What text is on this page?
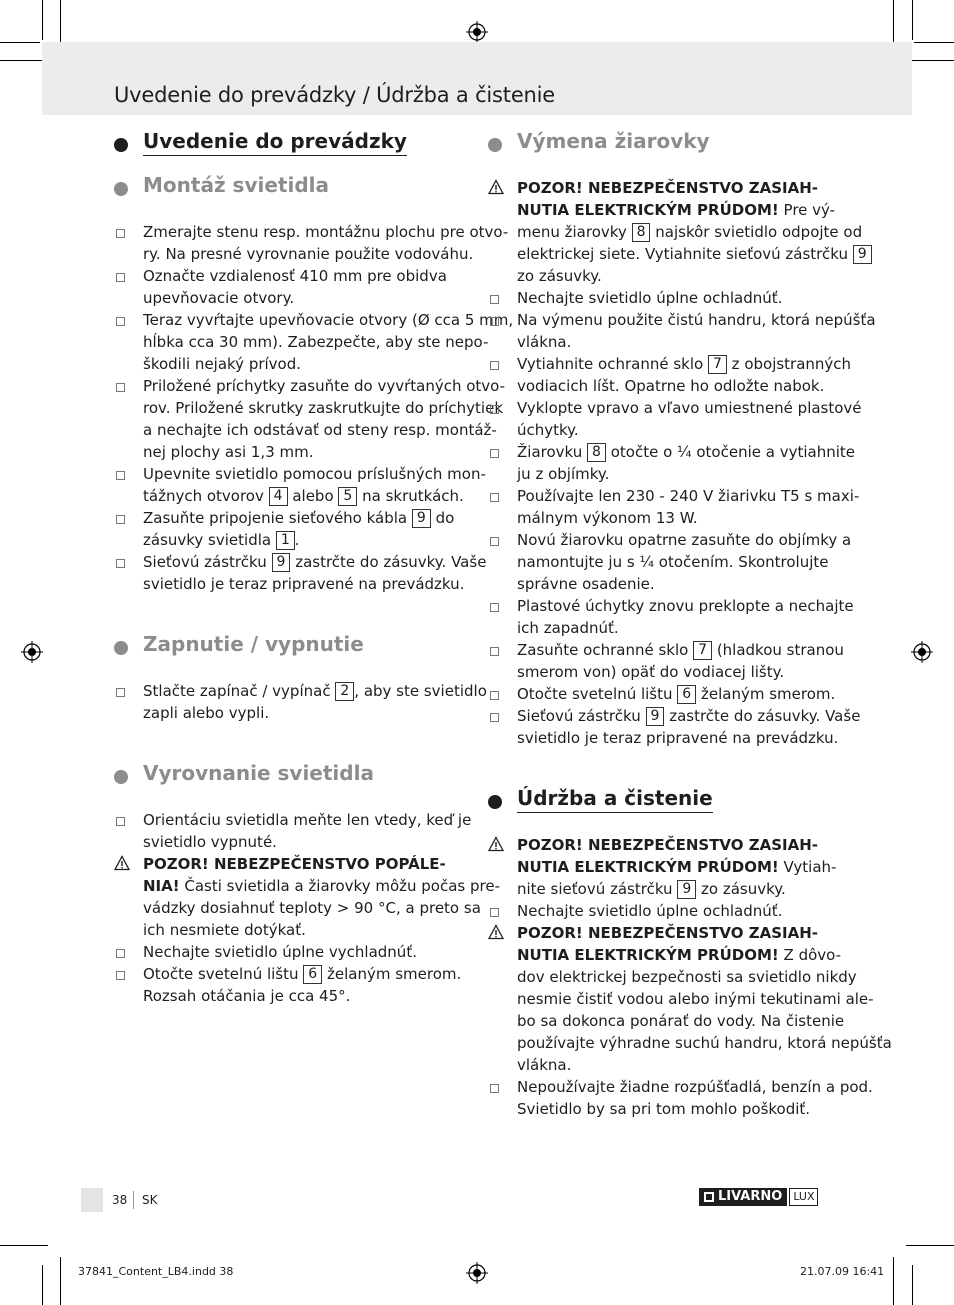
Uvedenie do prevádzky / Údržba a čistenie
Uvedenie do prevádzky
Montáž svietidla
Zmerajte stenu resp. montážnu plochu pre otvo-
ry. Na presné vyrovnanie použite vodováhu.
Označte vzdialenosť 410 mm pre obidva
upevňovacie otvory.
Teraz vyvŕtajte upevňovacie otvory (Ø cca 5 mm,
hĺbka cca 30 mm). Zabezpečte, aby ste nepo-
škodili nejaký prívod.
Priložené príchytky zasuňte do vyvŕtaných otvo-
rov. Priložené skrutky zaskrutkujte do príchytiek
a nechajte ich odstávať od steny resp. montáž-
nej plochy asi 1,3 mm.
Upevnite svietidlo pomocou príslušných mon-
tážnych otvorov 4 alebo 5 na skrutkách.
Zasuňte pripojenie sieťového kábla 9 do
zásuvky svietidla 1 .
Sieťovú zástrčku 9 zastrčte do zásuvky. Vaše
svietidlo je teraz pripravené na prevádzku.
Zapnutie / vypnutie
Stlačte zapínač / vypínač 2 , aby ste svietidlo
zapli alebo vypli.
Vyrovnanie svietidla
Orientáciu svietidla meňte len vtedy, keď je
svietidlo vypnuté.
POZOR! NEBEZPEČENSTVO POPÁLE-
NIA! Časti svietidla a žiarovky môžu počas pre-
vádzky dosiahnuť teploty > 90 °C, a preto sa
ich nesmiete dotýkať.
Nechajte svietidlo úplne vychladnúť.
Otočte svetelnú lištu 6 želaným smerom.
Rozsah otáčania je cca 45°.
Výmena žiarovky
POZOR! NEBEZPEČENSTVO ZASIAH-
NUTIA ELEKTRICKÝM PRÚDOM! Pre vý-
menu žiarovky 8 najskôr svietidlo odpojte od
elektrickej siete. Vytiahnite sieťovú zástrčku 9
zo zásuvky.
Nechajte svietidlo úplne ochladnúť.
Na výmenu použite čistú handru, ktorá nepúšťa
vlákna.
Vytiahnite ochranné sklo 7 z obojstranných
vodiacich líšt. Opatrne ho odložte nabok.
Vyklopte vpravo a vľavo umiestnené plastové
úchytky.
Žiarovku 8 otočte o ¼ otočenie a vytiahnite
ju z objímky.
Používajte len 230 - 240 V žiarivku T5 s maxi-
málnym výkonom 13 W.
Novú žiarovku opatrne zasuňte do objímky a
namontujte ju s ¼ otočením. Skontrolujte
správne osadenie.
Plastové úchytky znovu preklopte a nechajte
ich zapadnúť.
Zasuňte ochranné sklo 7 (hladkou stranou
smerom von) opäť do vodiacej lišty.
Otočte svetelnú lištu 6 želaným smerom.
Sieťovú zástrčku 9 zastrčte do zásuvky. Vaše
svietidlo je teraz pripravené na prevádzku.
Údržba a čistenie
POZOR! NEBEZPEČENSTVO ZASIAH-
NUTIA ELEKTRICKÝM PRÚDOM! Vytiah-
nite sieťovú zástrčku 9 zo zásuvky.
Nechajte svietidlo úplne ochladnúť.
POZOR! NEBEZPEČENSTVO ZASIAH-
NUTIA ELEKTRICKÝM PRÚDOM! Z dôvo-
dov elektrickej bezpečnosti sa svietidlo nikdy
nesmie čistiť vodou alebo inými tekutinami ale-
bo sa dokonca ponárať do vody. Na čistenie
používajte výhradne suchú handru, ktorá nepúšťa
vlákna.
Nepoužívajte žiadne rozpúšťadlá, benzín a pod.
Svietidlo by sa pri tom mohlo poškodiť.
38 SK	LIVARNO	LUX
37841_Content_LB4.indd 38	21.07.09 16:41
